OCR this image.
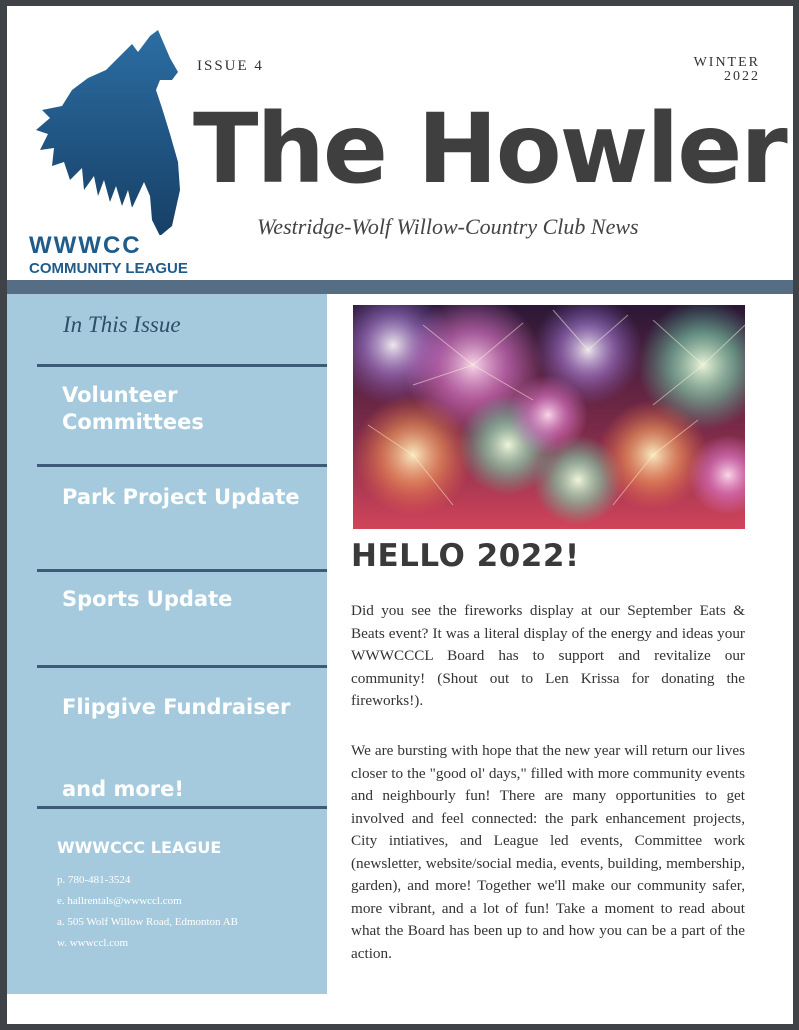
WWWCC
COMMUNITY LEAGUE
ISSUE 4	WINTER
2022
The Howler
Westridge-Wolf Willow-Country Club News
In This Issue
Volunteer Committees
Park Project Update
Sports Update
Flipgive Fundraiser
and more!
WWWCCC LEAGUE
p. 780-481-3524
e. hallrentals@wwwccl.com
a. 505 Wolf Willow Road, Edmonton AB
w. wwwccl.com
HELLO 2022!

Did you see the fireworks display at our September Eats & Beats event? It was a literal display of the energy and ideas your WWWCCCL Board has to support and revitalize our community! (Shout out to Len Krissa for donating the fireworks!).

We are bursting with hope that the new year will return our lives closer to the "good ol' days," filled with more community events and neighbourly fun! There are many opportunities to get involved and feel connected: the park enhancement projects, City intiatives, and League led events, Committee work (newsletter, website/social media, events, building, membership, garden), and more! Together we'll make our community safer, more vibrant, and a lot of fun! Take a moment to read about what the Board has been up to and how you can be a part of the action.
